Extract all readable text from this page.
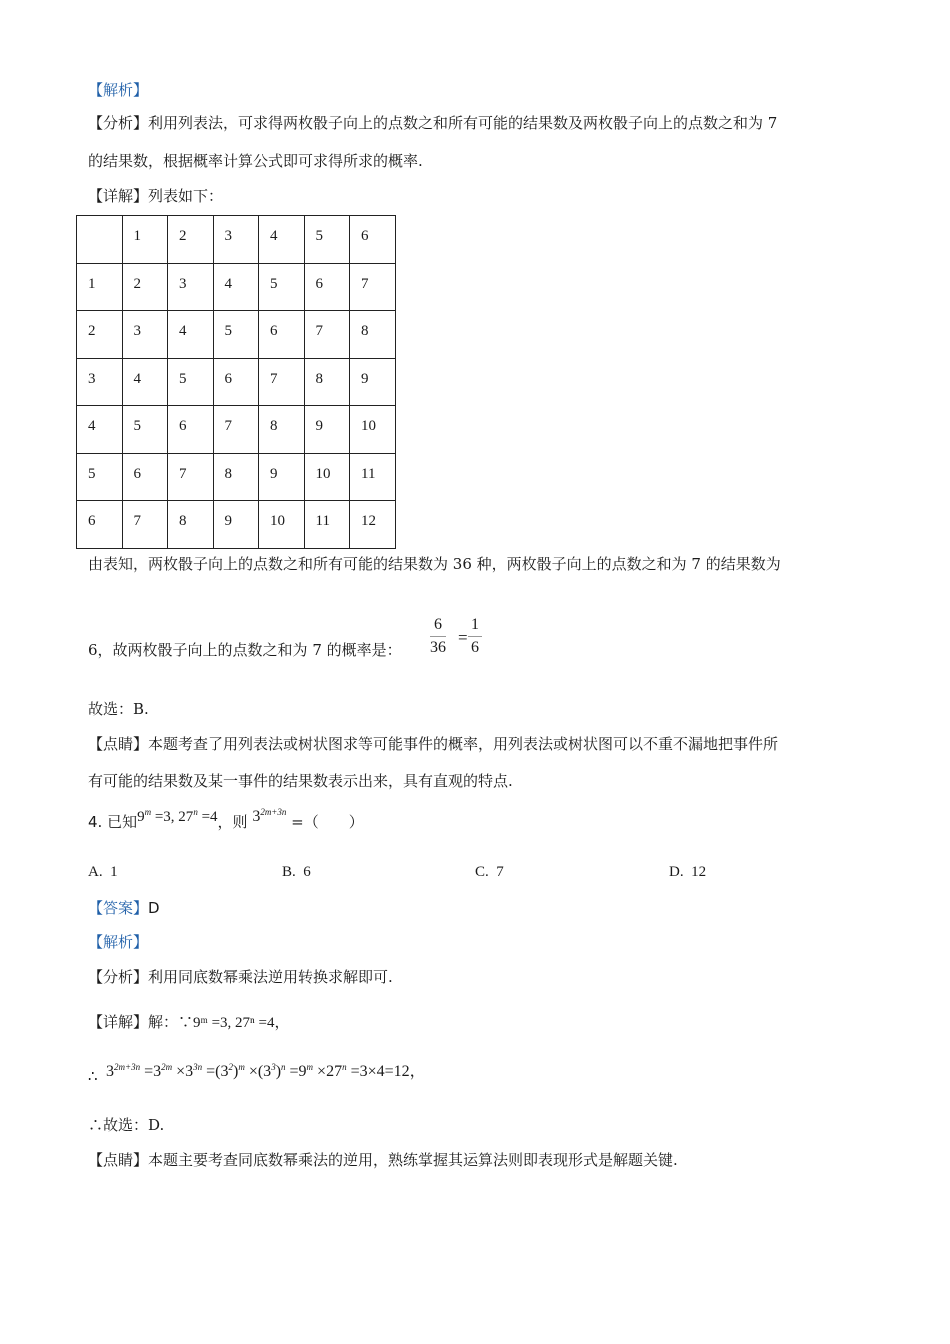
【解析】
【分析】利用列表法，可求得两枚骰子向上的点数之和所有可能的结果数及两枚骰子向上的点数之和为 7
的结果数，根据概率计算公式即可求得所求的概率.
【详解】列表如下：
	1	2	3	4	5	6
1	2	3	4	5	6	7
2	3	4	5	6	7	8
3	4	5	6	7	8	9
4	5	6	7	8	9	10
5	6	7	8	9	10	11
6	7	8	9	10	11	12
由表知，两枚骰子向上的点数之和所有可能的结果数为 36 种，两枚骰子向上的点数之和为 7 的结果数为
6，故两枚骰子向上的点数之和为 7 的概率是： $\frac{6}{36} = \frac{1}{6}$
故选：B.
【点睛】本题考查了用列表法或树状图求等可能事件的概率，用列表法或树状图可以不重不漏地把事件所
有可能的结果数及某一事件的结果数表示出来，具有直观的特点.
4. 已知$9^m =3$, $27^n =4$，则 $3^{2m+3n}$ =（　　）
A. 1	B. 6	C. 7	D. 12
【答案】D
【解析】
【分析】利用同底数幂乘法逆用转换求解即可.
【详解】解：∵9ᵐ =3, 27ⁿ =4，
∴ $3^{2m+3n} =3^{2m} \times 3^{3n} =(3^2)^m \times(3^3)^n =9^m \times 27^n =3\times 4=12$，
∴故选：D.
【点睛】本题主要考查同底数幂乘法的逆用，熟练掌握其运算法则即表现形式是解题关键.
